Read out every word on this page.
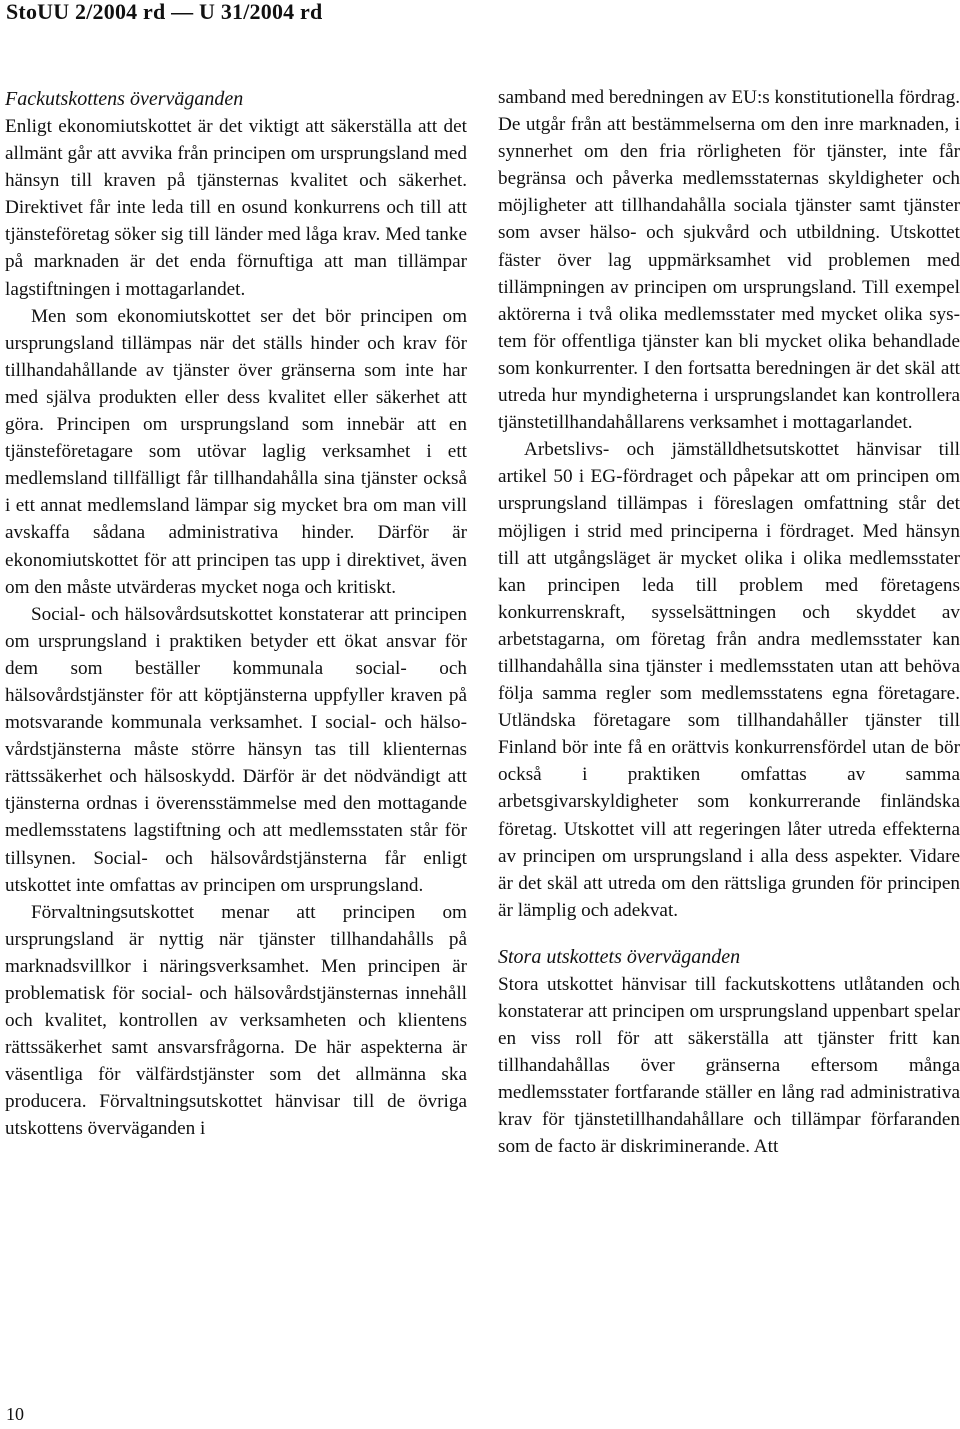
StoUU 2/2004 rd — U 31/2004 rd
Fackutskottens överväganden

Enligt ekonomiutskottet är det viktigt att säkerställa att det allmänt går att avvika från principen om ursprungsland med hänsyn till kraven på tjänsternas kvalitet och säkerhet. Direktivet får inte leda till en osund konkurrens och till att tjänsteföretag söker sig till länder med låga krav. Med tanke på marknaden är det enda förnuftiga att man tillämpar lagstiftningen i mottagarlandet.

Men som ekonomiutskottet ser det bör principen om ursprungsland tillämpas när det ställs hinder och krav för tillhandahållande av tjänster över gränserna som inte har med själva produkten eller dess kvalitet eller säkerhet att göra. Principen om ursprungsland som innebär att en tjänsteföretagare som utövar laglig verksamhet i ett medlemsland tillfälligt får tillhandahålla sina tjänster också i ett annat medlemsland lämpar sig mycket bra om man vill avskaffa sådana administrativa hinder. Därför är ekonomiutskottet för att principen tas upp i direktivet, även om den måste utvärderas mycket noga och kritiskt.

Social- och hälsovårdsutskottet konstaterar att principen om ursprungsland i praktiken betyder ett ökat ansvar för dem som beställer kommunala social- och hälsovårdstjänster för att köptjänsterna uppfyller kraven på motsvarande kommunala verksamhet. I social- och hälsovårdstjänsterna måste större hänsyn tas till klienternas rättssäkerhet och hälsoskydd. Därför är det nödvändigt att tjänsterna ordnas i överensstämmelse med den mottagande medlemsstatens lagstiftning och att medlemsstaten står för tillsynen. Social- och hälsovårdstjänsterna får enligt utskottet inte omfattas av principen om ursprungsland.

Förvaltningsutskottet menar att principen om ursprungsland är nyttig när tjänster tillhandahålls på marknadsvillkor i näringsverksamhet. Men principen är problematisk för social- och hälsovårdstjänsternas innehåll och kvalitet, kontrollen av verksamheten och klientens rättssäkerhet samt ansvarsfrågorna. De här aspekterna är väsentliga för välfärdstjänster som det allmänna ska producera. Förvaltningsutskottet hänvisar till de övriga utskottens överväganden i

samband med beredningen av EU:s konstitutionella fördrag. De utgår från att bestämmelserna om den inre marknaden, i synnerhet om den fria rörligheten för tjänster, inte får begränsa och påverka medlemsstaternas skyldigheter och möjligheter att tillhandahålla sociala tjänster samt tjänster som avser hälso- och sjukvård och utbildning. Utskottet fäster över lag uppmärksamhet vid problemen med tillämpningen av principen om ursprungsland. Till exempel aktörerna i två olika medlemsstater med mycket olika system för offentliga tjänster kan bli mycket olika behandlade som konkurrenter. I den fortsatta beredningen är det skäl att utreda hur myndigheterna i ursprungslandet kan kontrollera tjänstetillhandahållarens verksamhet i mottagarlandet.

Arbetslivs- och jämställdhetsutskottet hänvisar till artikel 50 i EG-fördraget och påpekar att om principen om ursprungsland tillämpas i föreslagen omfattning står det möjligen i strid med principerna i fördraget. Med hänsyn till att utgångsläget är mycket olika i olika medlemsstater kan principen leda till problem med företagens konkurrenskraft, sysselsättningen och skyddet av arbetstagarna, om företag från andra medlemsstater kan tillhandahålla sina tjänster i medlemsstaten utan att behöva följa samma regler som medlemsstatens egna företagare. Utländska företagare som tillhandahåller tjänster till Finland bör inte få en orättvis konkurrensfördel utan de bör också i praktiken omfattas av samma arbetsgivarskyldigheter som konkurrerande finländska företag. Utskottet vill att regeringen låter utreda effekterna av principen om ursprungsland i alla dess aspekter. Vidare är det skäl att utreda om den rättsliga grunden för principen är lämplig och adekvat.

Stora utskottets överväganden

Stora utskottet hänvisar till fackutskottens utlåtanden och konstaterar att principen om ursprungsland uppenbart spelar en viss roll för att säkerställa att tjänster fritt kan tillhandahållas över gränserna eftersom många medlemsstater fortfarande ställer en lång rad administrativa krav för tjänstetillhandahållare och tillämpar förfaranden som de facto är diskriminerande. Att

10
